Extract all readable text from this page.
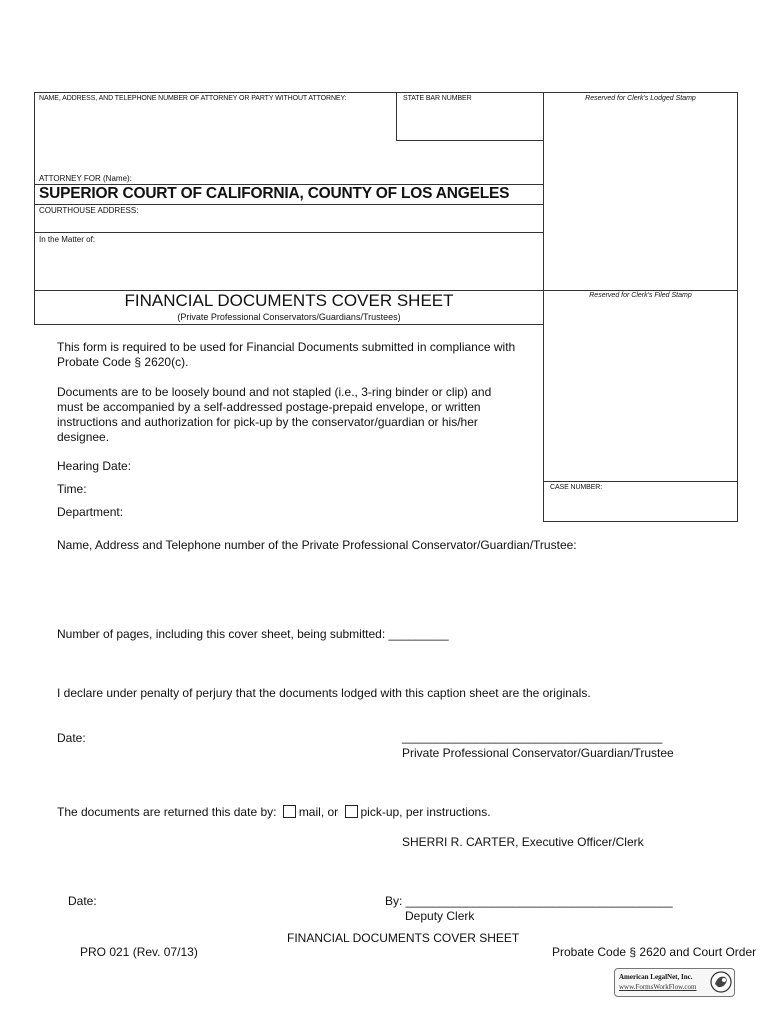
NAME, ADDRESS, AND TELEPHONE NUMBER OF ATTORNEY OR PARTY WITHOUT ATTORNEY:	STATE BAR NUMBER	Reserved for Clerk's Lodged Stamp
ATTORNEY FOR (Name):
SUPERIOR COURT OF CALIFORNIA, COUNTY OF LOS ANGELES
COURTHOUSE ADDRESS:
In the Matter of:
Reserved for Clerk's Filed Stamp
FINANCIAL DOCUMENTS COVER SHEET
(Private Professional Conservators/Guardians/Trustees)
CASE NUMBER:
This form is required to be used for Financial Documents submitted in compliance with Probate Code § 2620(c).
Documents are to be loosely bound and not stapled (i.e., 3-ring binder or clip) and must be accompanied by a self-addressed postage-prepaid envelope, or written instructions and authorization for pick-up by the conservator/guardian or his/her designee.
Hearing Date:
Time:
Department:
Name, Address and Telephone number of the Private Professional Conservator/Guardian/Trustee:
Number of pages, including this cover sheet, being submitted: _________
I declare under penalty of perjury that the documents lodged with this caption sheet are the originals.
Date:	_______________________________________
Private Professional Conservator/Guardian/Trustee
The documents are returned this date by: mail, or pick-up, per instructions.
SHERRI R. CARTER, Executive Officer/Clerk
Date:	By: ________________________________________
Deputy Clerk
PRO 021 (Rev. 07/13)
FINANCIAL DOCUMENTS COVER SHEET
Probate Code § 2620 and Court Order
American LegalNet, Inc.
www.FormsWorkFlow.com
